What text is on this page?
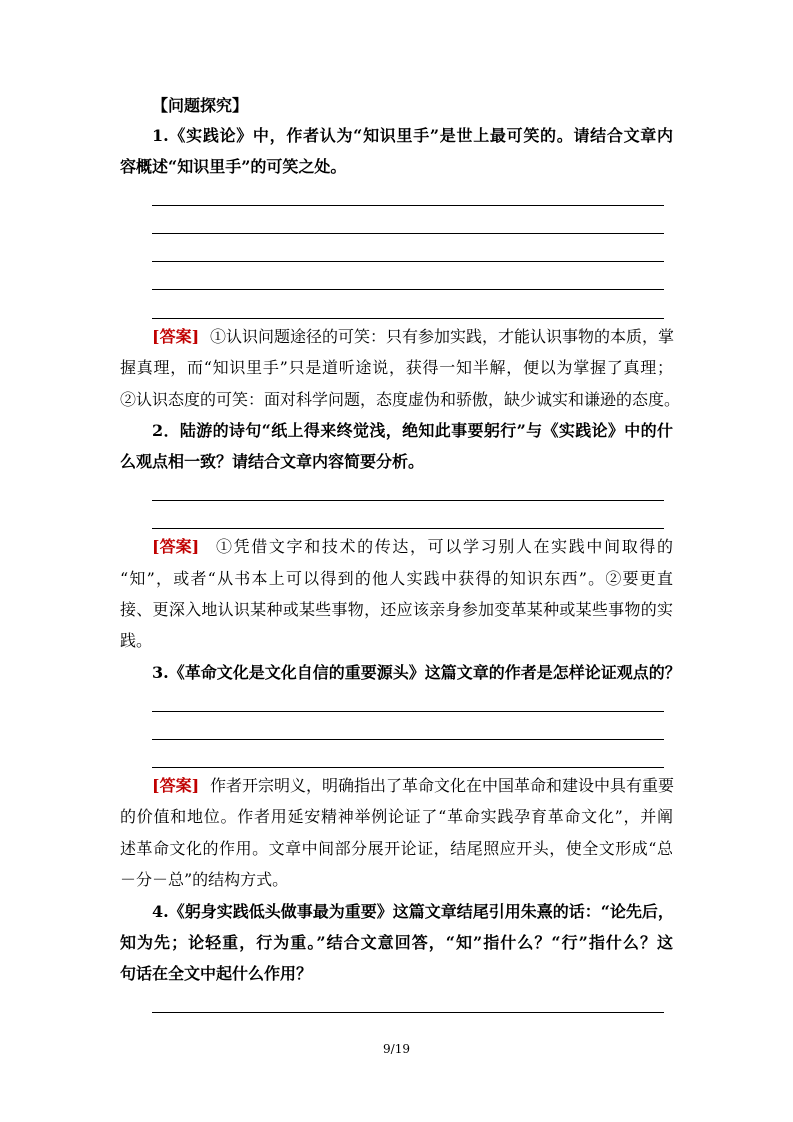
【问题探究】
1.《实践论》中，作者认为“知识里手”是世上最可笑的。请结合文章内
容概述“知识里手”的可笑之处。
[答案] ①认识问题途径的可笑：只有参加实践，才能认识事物的本质，掌
握真理，而“知识里手”只是道听途说，获得一知半解，便以为掌握了真理；
②认识态度的可笑：面对科学问题，态度虚伪和骄傲，缺少诚实和谦逊的态度。
2．陆游的诗句“纸上得来终觉浅，绝知此事要躬行”与《实践论》中的什
么观点相一致？请结合文章内容简要分析。
[答案] ①凭借文字和技术的传达，可以学习别人在实践中间取得的
“知”，或者“从书本上可以得到的他人实践中获得的知识东西”。②要更直
接、更深入地认识某种或某些事物，还应该亲身参加变革某种或某些事物的实
践。
3.《革命文化是文化自信的重要源头》这篇文章的作者是怎样论证观点的？
[答案] 作者开宗明义，明确指出了革命文化在中国革命和建设中具有重要
的价值和地位。作者用延安精神举例论证了“革命实践孕育革命文化”，并阐
述革命文化的作用。文章中间部分展开论证，结尾照应开头，使全文形成“总
－分－总”的结构方式。
4.《躬身实践低头做事最为重要》这篇文章结尾引用朱熹的话：“论先后，
知为先；论轻重，行为重。”结合文意回答，“知”指什么？“行”指什么？这
句话在全文中起什么作用？
9/19
